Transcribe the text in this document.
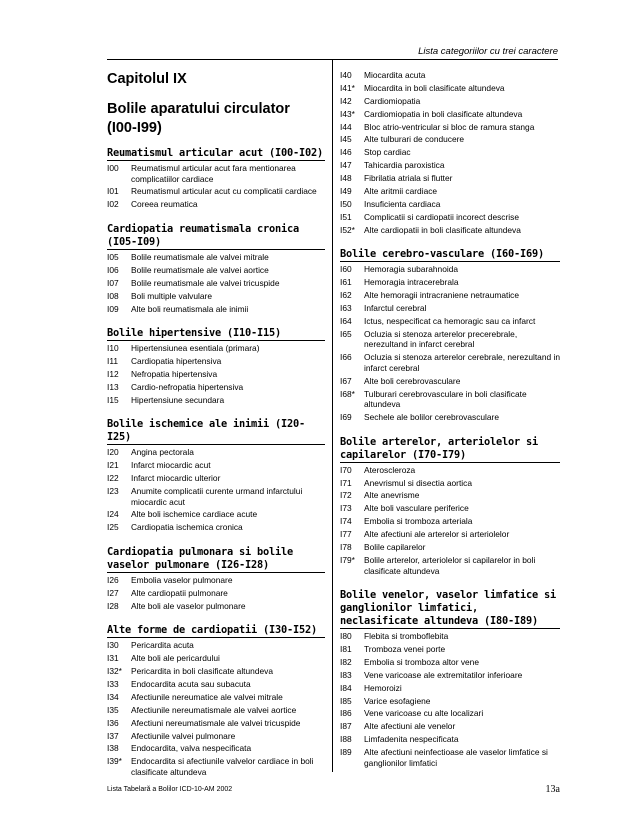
Lista categoriilor cu trei caractere
Capitolul IX
Bolile aparatului circulator
(I00-I99)
Reumatismul articular acut (I00-I02)
I00	Reumatismul articular acut fara mentionarea complicatiilor cardiace
I01	Reumatismul articular acut cu complicatii cardiace
I02	Coreea reumatica
Cardiopatia reumatismala cronica (I05-I09)
I05	Bolile reumatismale ale valvei mitrale
I06	Bolile reumatismale ale valvei aortice
I07	Bolile reumatismale ale valvei tricuspide
I08	Boli multiple valvulare
I09	Alte boli reumatismala ale inimii
Bolile hipertensive (I10-I15)
I10	Hipertensiunea esentiala (primara)
I11	Cardiopatia hipertensiva
I12	Nefropatia hipertensiva
I13	Cardio-nefropatia hipertensiva
I15	Hipertensiune secundara
Bolile ischemice ale inimii (I20-I25)
I20	Angina pectorala
I21	Infarct miocardic acut
I22	Infarct miocardic ulterior
I23	Anumite complicatii curente urmand infarctului miocardic acut
I24	Alte boli ischemice cardiace acute
I25	Cardiopatia ischemica cronica
Cardiopatia pulmonara si bolile vaselor pulmonare (I26-I28)
I26	Embolia vaselor pulmonare
I27	Alte cardiopatii pulmonare
I28	Alte boli ale vaselor pulmonare
Alte forme de cardiopatii (I30-I52)
I30	Pericardita acuta
I31	Alte boli ale pericardului
I32*	Pericardita in boli clasificate altundeva
I33	Endocardita acuta sau subacuta
I34	Afectiunile nereumatice ale valvei mitrale
I35	Afectiunile nereumatismale ale valvei aortice
I36	Afectiuni nereumatismale ale valvei tricuspide
I37	Afectiunile valvei pulmonare
I38	Endocardita, valva nespecificata
I39*	Endocardita si afectiunile valvelor cardiace in boli clasificate altundeva
I40	Miocardita acuta
I41*	Miocardita in boli clasificate altundeva
I42	Cardiomiopatia
I43*	Cardiomiopatia in boli clasificate altundeva
I44	Bloc atrio-ventricular si bloc de ramura stanga
I45	Alte tulburari de conducere
I46	Stop cardiac
I47	Tahicardia paroxistica
I48	Fibrilatia atriala si flutter
I49	Alte aritmii cardiace
I50	Insuficienta cardiaca
I51	Complicatii si cardiopatii incorect descrise
I52*	Alte cardiopatii in boli clasificate altundeva
Bolile cerebro-vasculare (I60-I69)
I60	Hemoragia subarahnoida
I61	Hemoragia intracerebrala
I62	Alte hemoragii intracraniene netraumatice
I63	Infarctul cerebral
I64	Ictus, nespecificat ca hemoragic sau ca infarct
I65	Ocluzia si stenoza arterelor precerebrale, nerezultand in infarct cerebral
I66	Ocluzia si stenoza arterelor cerebrale, nerezultand in infarct cerebral
I67	Alte boli cerebrovasculare
I68*	Tulburari cerebrovasculare in boli clasificate altundeva
I69	Sechele ale bolilor cerebrovasculare
Bolile arterelor, arteriolelor si capilarelor (I70-I79)
I70	Ateroscleroza
I71	Anevrismul si disectia aortica
I72	Alte anevrisme
I73	Alte boli vasculare periferice
I74	Embolia si tromboza arteriala
I77	Alte afectiuni ale arterelor si arteriolelor
I78	Bolile capilarelor
I79*	Bolile arterelor, arteriolelor si capilarelor in boli clasificate altundeva
Bolile venelor, vaselor limfatice si ganglionilor limfatici, neclasificate altundeva (I80-I89)
I80	Flebita si tromboflebita
I81	Tromboza venei porte
I82	Embolia si tromboza altor vene
I83	Vene varicoase ale extremitatilor inferioare
I84	Hemoroizi
I85	Varice esofagiene
I86	Vene varicoase cu alte localizari
I87	Alte afectiuni ale venelor
I88	Limfadenita nespecificata
I89	Alte afectiuni neinfectioase ale vaselor limfatice si ganglionilor limfatici
Lista Tabelară a Bolilor ICD-10-AM 2002	13a
